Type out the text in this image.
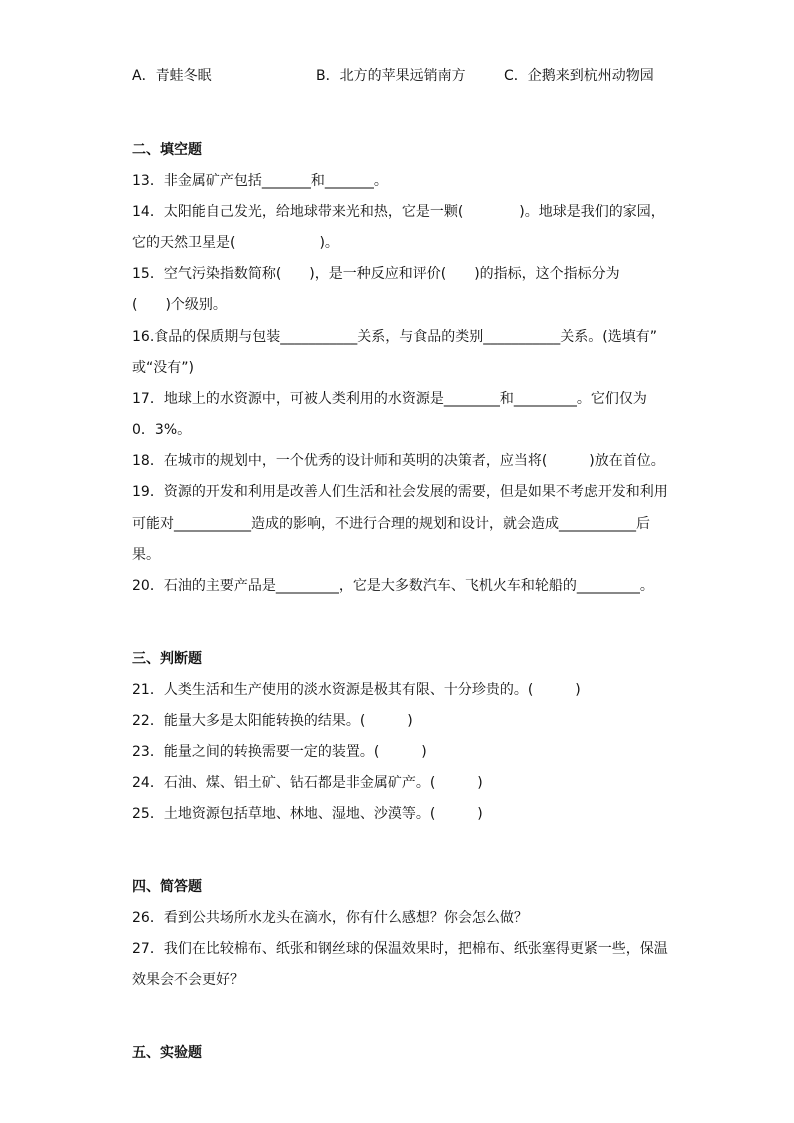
A．青蛙冬眠	B．北方的苹果远销南方	C．企鹅来到杭州动物园
二、填空题
13．非金属矿产包括_______和_______。
14．太阳能自己发光，给地球带来光和热，它是一颗(　　　　)。地球是我们的家园，
它的天然卫星是(　　　　　　)。
15．空气污染指数简称(　　)，是一种反应和评价(　　)的指标，这个指标分为
(　　)个级别。
16.食品的保质期与包装___________关系，与食品的类别___________关系。(选填有”
或“没有”)
17．地球上的水资源中，可被人类利用的水资源是________和_________。它们仅为
0．3%。
18．在城市的规划中，一个优秀的设计师和英明的决策者，应当将(　　　)放在首位。
19．资源的开发和利用是改善人们生活和社会发展的需要，但是如果不考虑开发和利用
可能对___________造成的影响，不进行合理的规划和设计，就会造成___________后
果。
20．石油的主要产品是_________，它是大多数汽车、飞机火车和轮船的_________。
三、判断题
21．人类生活和生产使用的淡水资源是极其有限、十分珍贵的。(　　　)
22．能量大多是太阳能转换的结果。(　　　)
23．能量之间的转换需要一定的装置。(　　　)
24．石油、煤、铝土矿、钻石都是非金属矿产。(　　　)
25．土地资源包括草地、林地、湿地、沙漠等。(　　　)
四、简答题
26．看到公共场所水龙头在滴水，你有什么感想？你会怎么做？
27．我们在比较棉布、纸张和钢丝球的保温效果时，把棉布、纸张塞得更紧一些，保温
效果会不会更好？
五、实验题
